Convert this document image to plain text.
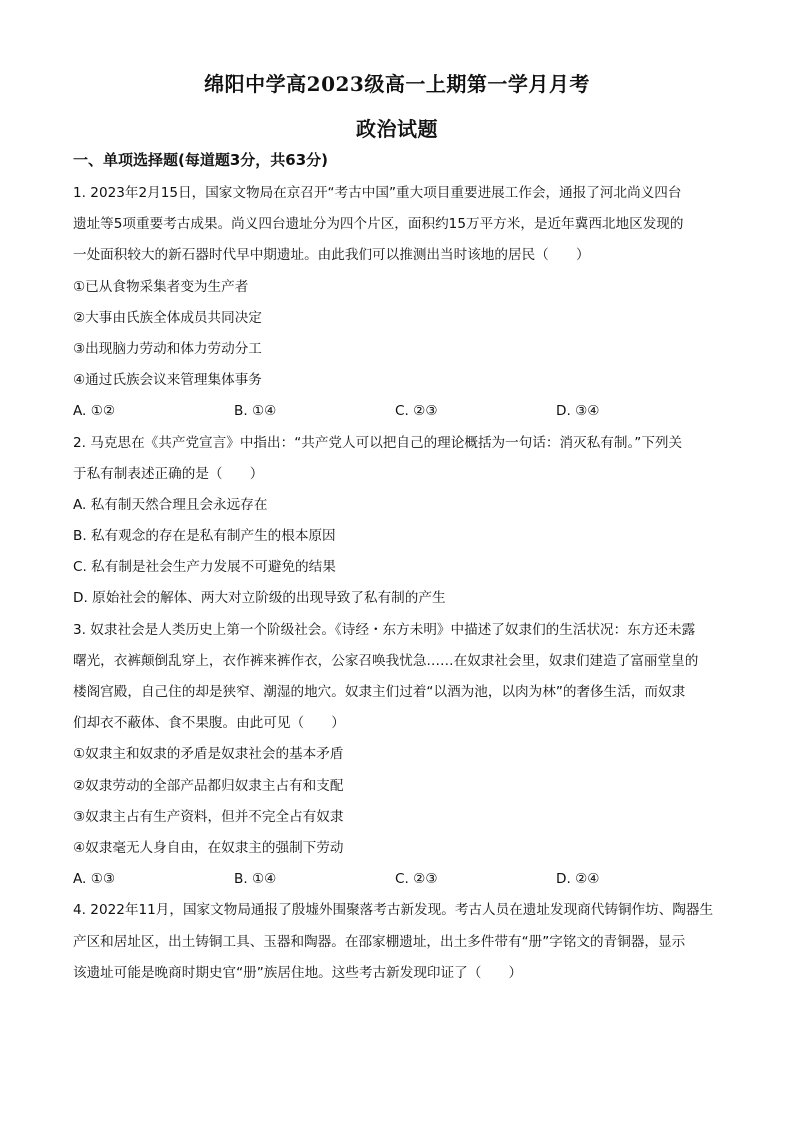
绵阳中学高2023级高一上期第一学月月考
政治试题
一、单项选择题(每道题3分，共63分)
1. 2023年2月15日，国家文物局在京召开“考古中国”重大项目重要进展工作会，通报了河北尚义四台
遗址等5项重要考古成果。尚义四台遗址分为四个片区，面积约15万平方米，是近年冀西北地区发现的
一处面积较大的新石器时代早中期遗址。由此我们可以推测出当时该地的居民（　　）
①已从食物采集者变为生产者
②大事由氏族全体成员共同决定
③出现脑力劳动和体力劳动分工
④通过氏族会议来管理集体事务
A. ①②	B. ①④	C. ②③	D. ③④
2. 马克思在《共产党宣言》中指出：“共产党人可以把自己的理论概括为一句话：消灭私有制。”下列关
于私有制表述正确的是（　　）
A. 私有制天然合理且会永远存在
B. 私有观念的存在是私有制产生的根本原因
C. 私有制是社会生产力发展不可避免的结果
D. 原始社会的解体、两大对立阶级的出现导致了私有制的产生
3. 奴隶社会是人类历史上第一个阶级社会。《诗经・东方未明》中描述了奴隶们的生活状况：东方还未露
曙光，衣裤颠倒乱穿上，衣作裤来裤作衣，公家召唤我忧急……在奴隶社会里，奴隶们建造了富丽堂皇的
楼阁宫殿，自己住的却是狭窄、潮湿的地穴。奴隶主们过着“以酒为池，以肉为林”的奢侈生活，而奴隶
们却衣不蔽体、食不果腹。由此可见（　　）
①奴隶主和奴隶的矛盾是奴隶社会的基本矛盾
②奴隶劳动的全部产品都归奴隶主占有和支配
③奴隶主占有生产资料，但并不完全占有奴隶
④奴隶毫无人身自由，在奴隶主的强制下劳动
A. ①③	B. ①④	C. ②③	D. ②④
4. 2022年11月，国家文物局通报了殷墟外围聚落考古新发现。考古人员在遗址发现商代铸铜作坊、陶器生
产区和居址区，出土铸铜工具、玉器和陶器。在邵家棚遗址，出土多件带有“册”字铭文的青铜器，显示
该遗址可能是晚商时期史官“册”族居住地。这些考古新发现印证了（　　）
